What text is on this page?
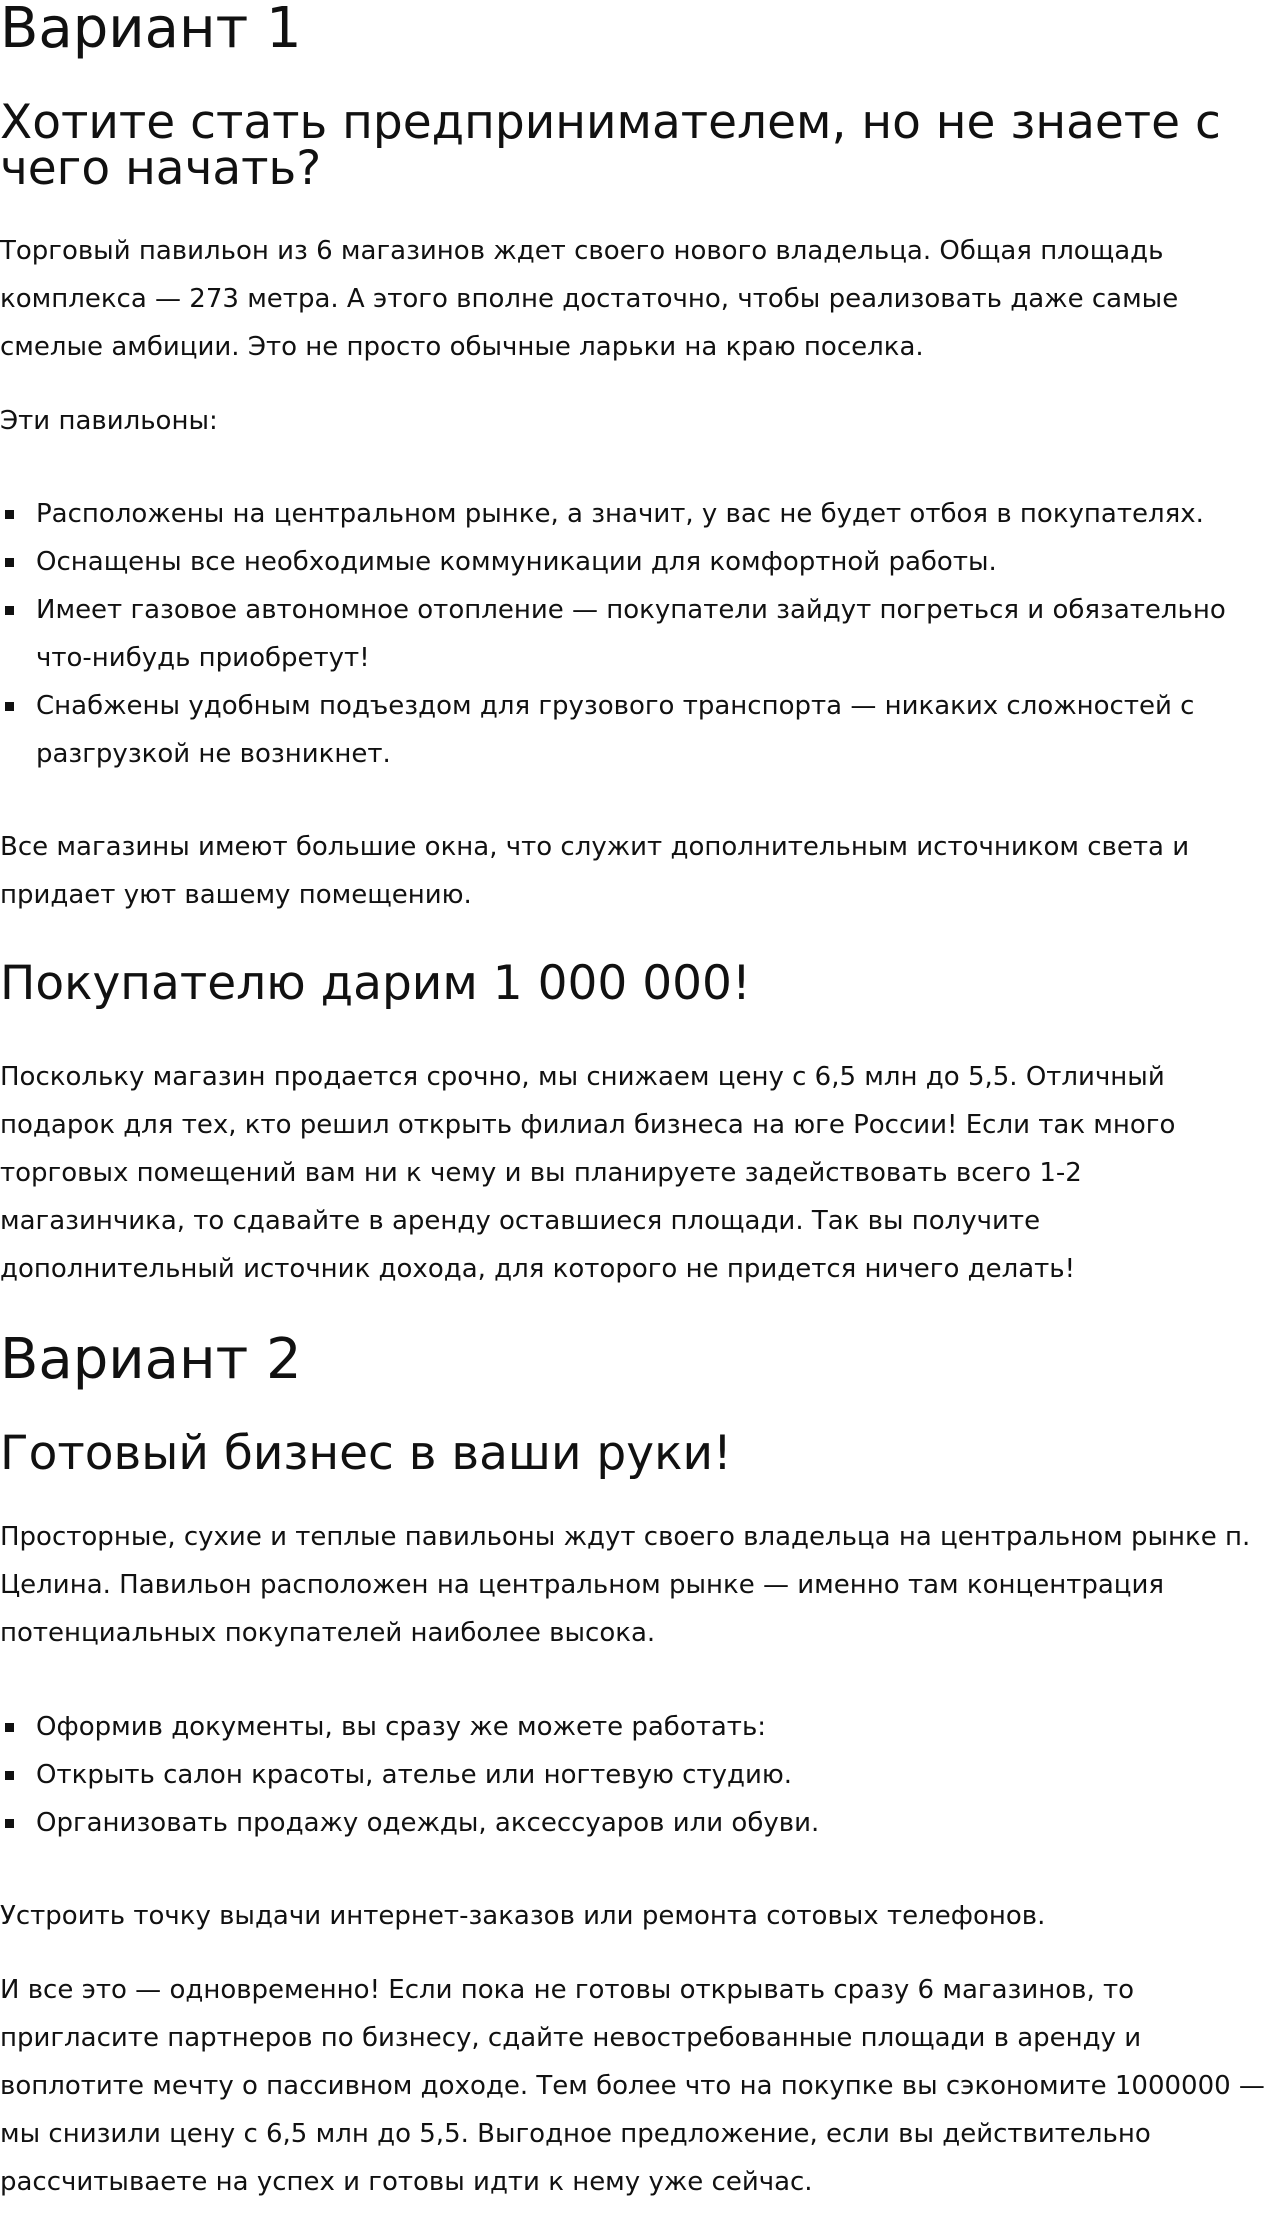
Вариант 1
Хотите стать предпринимателем, но не знаете с чего начать?

Торговый павильон из 6 магазинов ждет своего нового владельца. Общая площадь комплекса — 273 метра. А этого вполне достаточно, чтобы реализовать даже самые смелые амбиции. Это не просто обычные ларьки на краю поселка.

Эти павильоны:

Расположены на центральном рынке, а значит, у вас не будет отбоя в покупателях.
Оснащены все необходимые коммуникации для комфортной работы.
Имеет газовое автономное отопление — покупатели зайдут погреться и обязательно что-нибудь приобретут!
Снабжены удобным подъездом для грузового транспорта — никаких сложностей с разгрузкой не возникнет.

Все магазины имеют большие окна, что служит дополнительным источником света и придает уют вашему помещению.

Покупателю дарим 1 000 000!

Поскольку магазин продается срочно, мы снижаем цену с 6,5 млн до 5,5. Отличный подарок для тех, кто решил открыть филиал бизнеса на юге России! Если так много торговых помещений вам ни к чему и вы планируете задействовать всего 1-2 магазинчика, то сдавайте в аренду оставшиеся площади. Так вы получите дополнительный источник дохода, для которого не придется ничего делать!

Вариант 2
Готовый бизнес в ваши руки!

Просторные, сухие и теплые павильоны ждут своего владельца на центральном рынке п. Целина. Павильон расположен на центральном рынке — именно там концентрация потенциальных покупателей наиболее высока.

Оформив документы, вы сразу же можете работать:
Открыть салон красоты, ателье или ногтевую студию.
Организовать продажу одежды, аксессуаров или обуви.

Устроить точку выдачи интернет-заказов или ремонта сотовых телефонов.

И все это — одновременно! Если пока не готовы открывать сразу 6 магазинов, то пригласите партнеров по бизнесу, сдайте невостребованные площади в аренду и воплотите мечту о пассивном доходе. Тем более что на покупке вы сэкономите 1000000 — мы снизили цену с 6,5 млн до 5,5. Выгодное предложение, если вы действительно рассчитываете на успех и готовы идти к нему уже сейчас.
